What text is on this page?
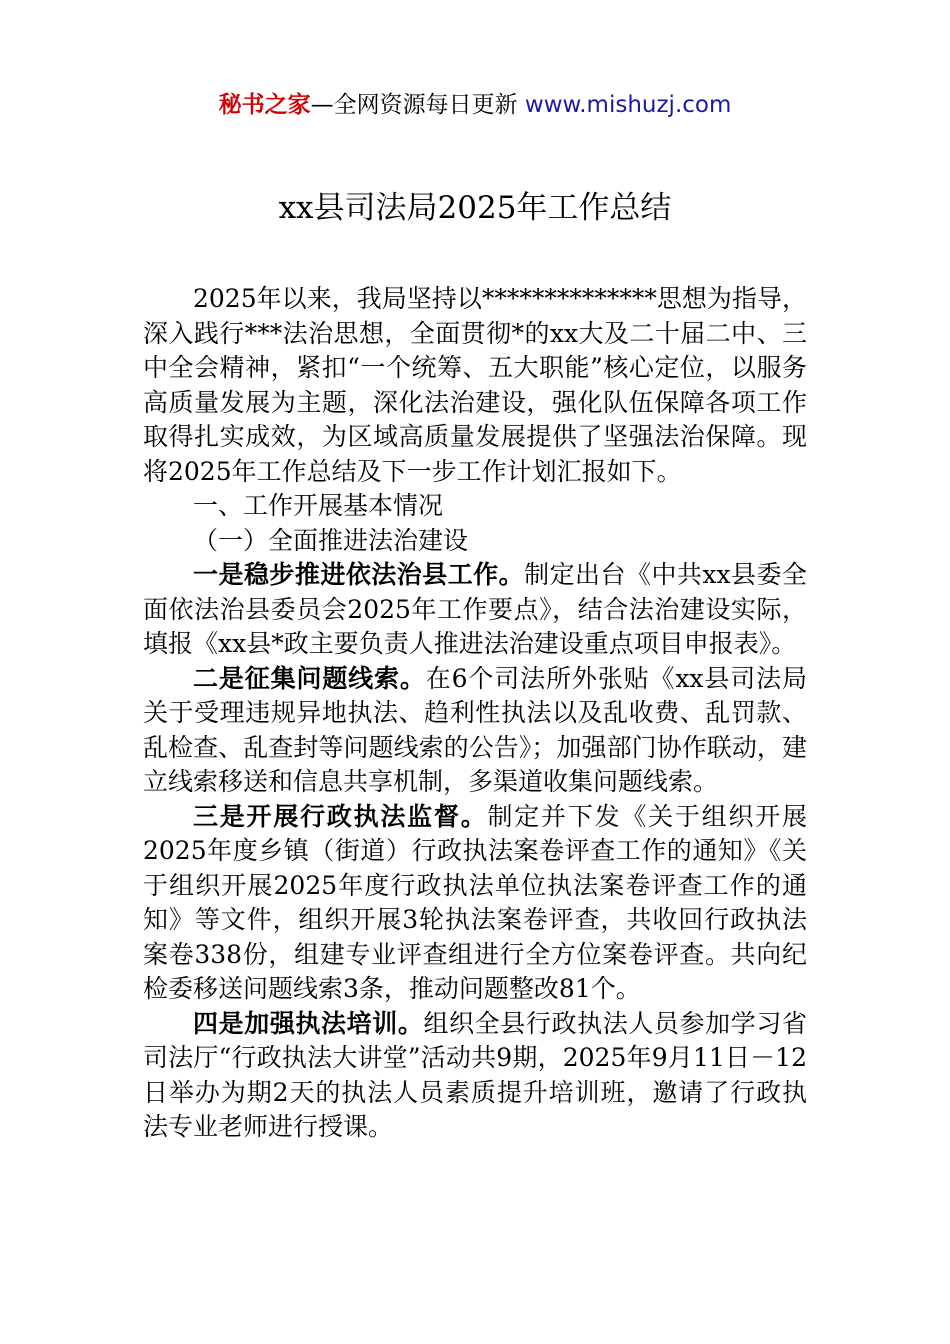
秘书之家—全网资源每日更新 www.mishuzj.com
xx县司法局2025年工作总结

2025年以来，我局坚持以**************思想为指导，深入践行***法治思想，全面贯彻*的xx大及二十届二中、三中全会精神，紧扣“一个统筹、五大职能”核心定位，以服务高质量发展为主题，深化法治建设，强化队伍保障各项工作取得扎实成效，为区域高质量发展提供了坚强法治保障。现将2025年工作总结及下一步工作计划汇报如下。

一、工作开展基本情况

（一）全面推进法治建设

一是稳步推进依法治县工作。制定出台《中共xx县委全面依法治县委员会2025年工作要点》，结合法治建设实际，填报《xx县*政主要负责人推进法治建设重点项目申报表》。

二是征集问题线索。在6个司法所外张贴《xx县司法局关于受理违规异地执法、趋利性执法以及乱收费、乱罚款、乱检查、乱查封等问题线索的公告》；加强部门协作联动，建立线索移送和信息共享机制，多渠道收集问题线索。

三是开展行政执法监督。制定并下发《关于组织开展2025年度乡镇（街道）行政执法案卷评查工作的通知》《关于组织开展2025年度行政执法单位执法案卷评查工作的通知》等文件，组织开展3轮执法案卷评查，共收回行政执法案卷338份，组建专业评查组进行全方位案卷评查。共向纪检委移送问题线索3条，推动问题整改81个。

四是加强执法培训。组织全县行政执法人员参加学习省司法厅“行政执法大讲堂”活动共9期，2025年9月11日－12日举办为期2天的执法人员素质提升培训班，邀请了行政执法专业老师进行授课。
